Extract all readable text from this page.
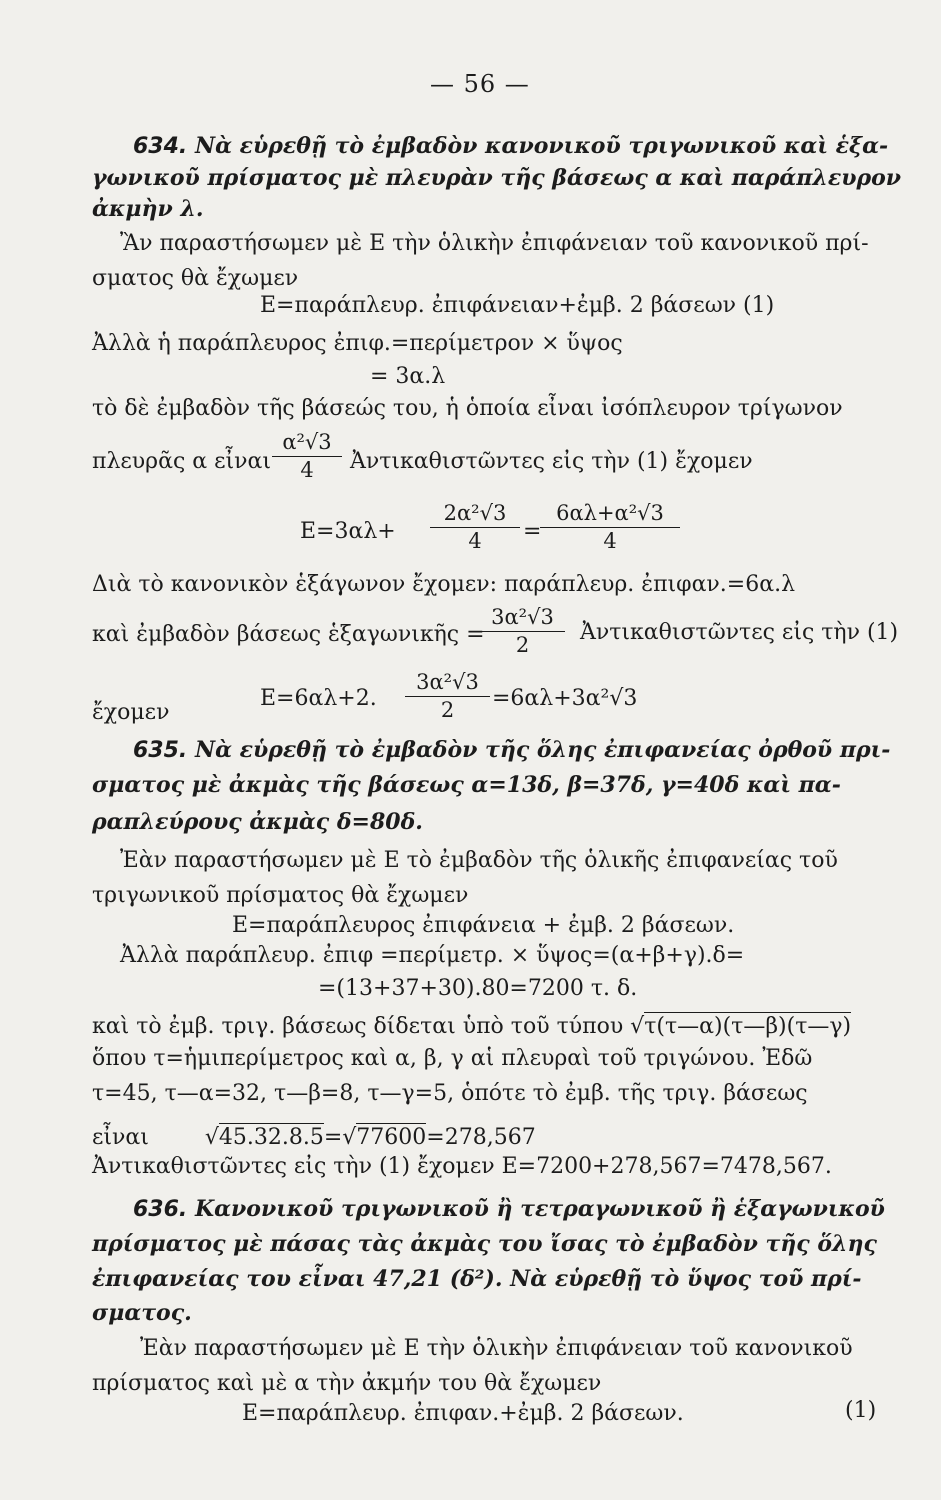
— 56 —
634. Νὰ εὑρεθῇ τὸ ἐμβαδὸν κανονικοῦ τριγωνικοῦ καὶ ἑξα-
γωνικοῦ πρίσματος μὲ πλευρὰν τῆς βάσεως α καὶ παράπλευρον
ἀκμὴν λ.
Ἂν παραστήσωμεν μὲ Ε τὴν ὁλικὴν ἐπιφάνειαν τοῦ κανονικοῦ πρί-
σματος θὰ ἔχωμεν
Ε=παράπλευρ. ἐπιφάνειαν+ἐμβ. 2 βάσεων (1)
Ἀλλὰ ἡ παράπλευρος ἐπιφ.=περίμετρον × ὕψος
= 3α.λ
τὸ δὲ ἐμβαδὸν τῆς βάσεώς του, ἡ ὁποία εἶναι ἰσόπλευρον τρίγωνον
πλευρᾶς α εἶναι
α²√3
4	Ἀντικαθιστῶντες εἰς τὴν (1) ἔχομεν
Ε=3αλ+
2α²√3
4	=
6αλ+α²√3
4
Διὰ τὸ κανονικὸν ἑξάγωνον ἔχομεν: παράπλευρ. ἐπιφαν.=6α.λ
καὶ ἐμβαδὸν βάσεως ἑξαγωνικῆς =
3α²√3
2	Ἀντικαθιστῶντες εἰς τὴν (1)
ἔχομεν
Ε=6αλ+2.
3α²√3
2	=6αλ+3α²√3
635. Νὰ εὑρεθῇ τὸ ἐμβαδὸν τῆς ὅλης ἐπιφανείας ὀρθοῦ πρι-
σματος μὲ ἀκμὰς τῆς βάσεως α=13δ, β=37δ, γ=40δ καὶ πα-
ραπλεύρους ἀκμὰς δ=80δ.
Ἐὰν παραστήσωμεν μὲ Ε τὸ ἐμβαδὸν τῆς ὁλικῆς ἐπιφανείας τοῦ
τριγωνικοῦ πρίσματος θὰ ἔχωμεν
Ε=παράπλευρος ἐπιφάνεια + ἐμβ. 2 βάσεων.
Ἀλλὰ παράπλευρ. ἐπιφ =περίμετρ. × ὕψος=(α+β+γ).δ=
=(13+37+30).80=7200 τ. δ.
καὶ τὸ ἐμβ. τριγ. βάσεως δίδεται ὑπὸ τοῦ τύπου √τ(τ—α)(τ—β)(τ—γ)
ὅπου τ=ἡμιπερίμετρος καὶ α, β, γ αἱ πλευραὶ τοῦ τριγώνου. Ἐδῶ
τ=45, τ—α=32, τ—β=8, τ—γ=5, ὁπότε τὸ ἐμβ. τῆς τριγ. βάσεως
εἶναι	√45.32.8.5=√77600=278,567
Ἀντικαθιστῶντες εἰς τὴν (1) ἔχομεν Ε=7200+278,567=7478,567.
636. Κανονικοῦ τριγωνικοῦ ἢ τετραγωνικοῦ ἢ ἑξαγωνικοῦ
πρίσματος μὲ πάσας τὰς ἀκμὰς του ἴσας τὸ ἐμβαδὸν τῆς ὅλης
ἐπιφανείας του εἶναι 47,21 (δ²). Νὰ εὑρεθῇ τὸ ὕψος τοῦ πρί-
σματος.
Ἐὰν παραστήσωμεν μὲ Ε τὴν ὁλικὴν ἐπιφάνειαν τοῦ κανονικοῦ
πρίσματος καὶ μὲ α τὴν ἀκμήν του θὰ ἔχωμεν
Ε=παράπλευρ. ἐπιφαν.+ἐμβ. 2 βάσεων.	(1)
